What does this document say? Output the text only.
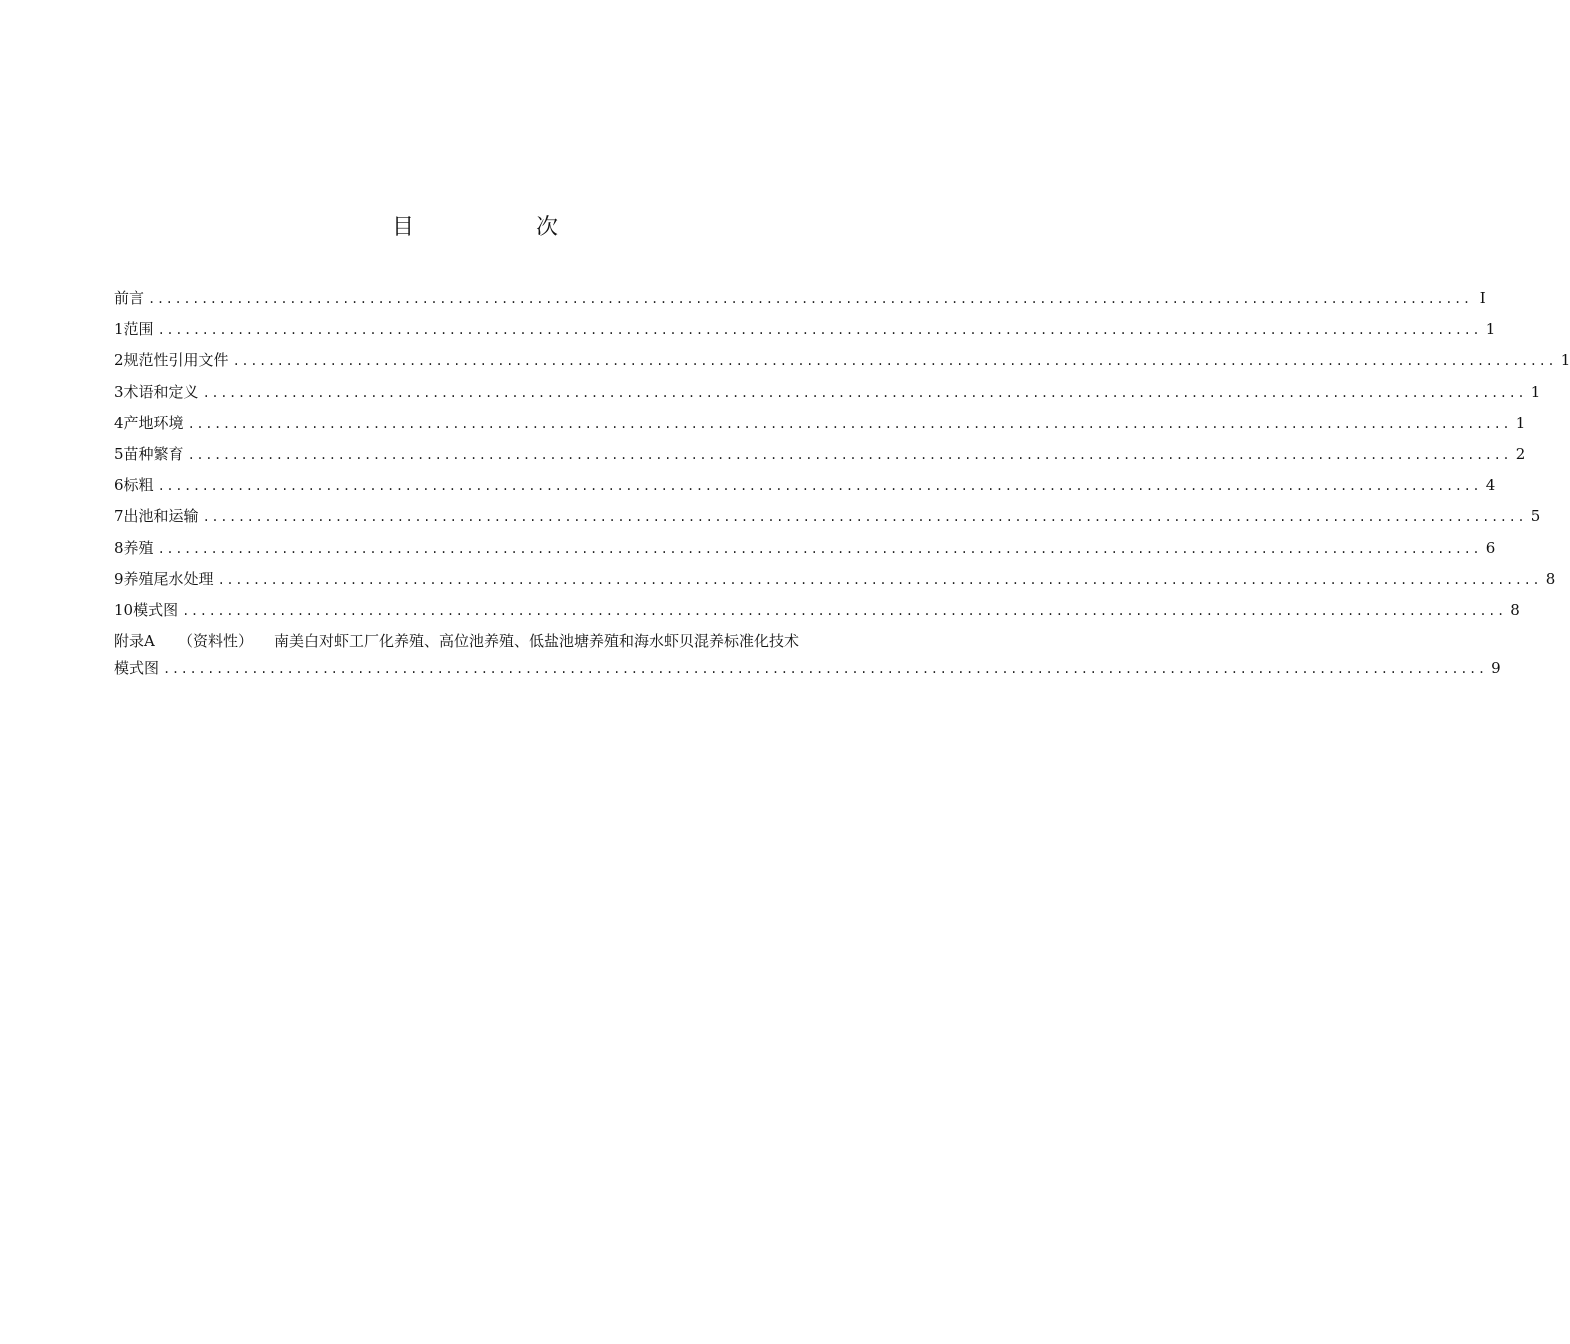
目　次
前言 ...................................................................................................................................................... I
1 范围 ...................................................................................................................................................... 1
2 规范性引用文件 ...................................................................................................................................................... 1
3 术语和定义 ...................................................................................................................................................... 1
4 产地环境 ...................................................................................................................................................... 1
5 苗种繁育 ...................................................................................................................................................... 2
6 标粗 ...................................................................................................................................................... 4
7 出池和运输 ...................................................................................................................................................... 5
8 养殖 ...................................................................................................................................................... 6
9 养殖尾水处理 ...................................................................................................................................................... 8
10 模式图 ...................................................................................................................................................... 8
附录A	（资料性）	南美白对虾工厂化养殖、高位池养殖、低盐池塘养殖和海水虾贝混养标准化技术
模式图 ...................................................................................................................................................... 9
